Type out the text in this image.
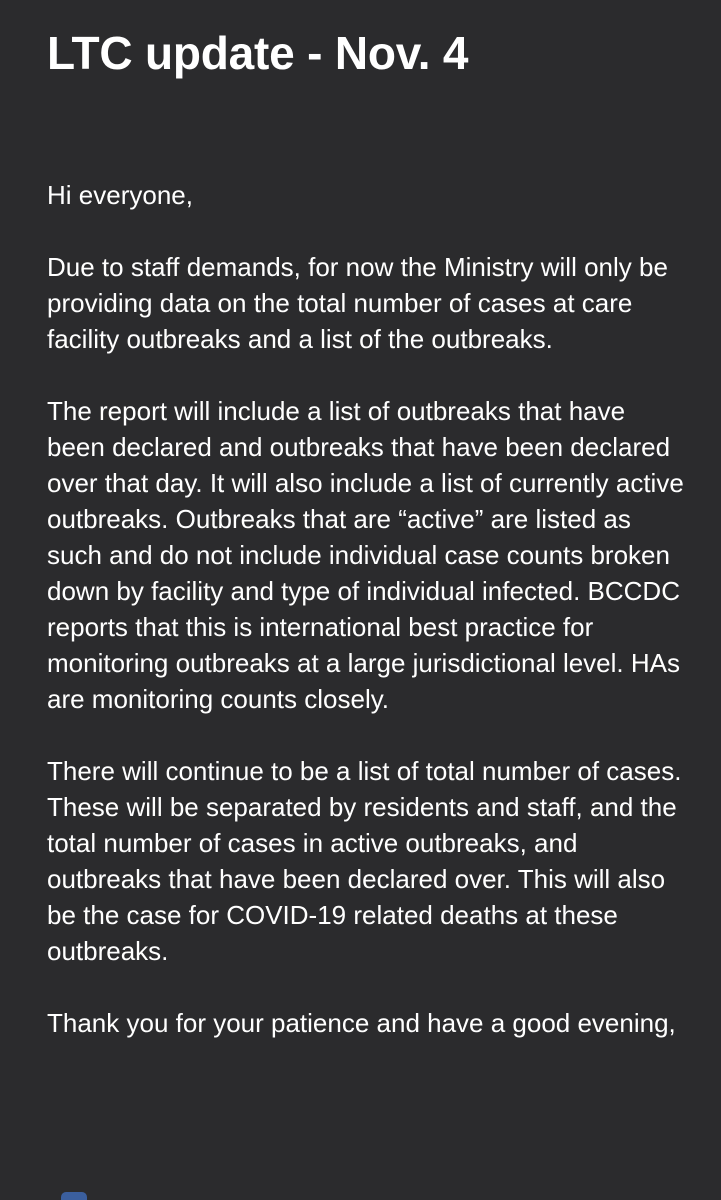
LTC update - Nov. 4

Hi everyone,

Due to staff demands, for now the Ministry will only be providing data on the total number of cases at care facility outbreaks and a list of the outbreaks.

The report will include a list of outbreaks that have been declared and outbreaks that have been declared over that day. It will also include a list of currently active outbreaks. Outbreaks that are “active” are listed as such and do not include individual case counts broken down by facility and type of individual infected. BCCDC reports that this is international best practice for monitoring outbreaks at a large jurisdictional level. HAs are monitoring counts closely.

There will continue to be a list of total number of cases. These will be separated by residents and staff, and the total number of cases in active outbreaks, and outbreaks that have been declared over. This will also be the case for COVID-19 related deaths at these outbreaks.

Thank you for your patience and have a good evening,
